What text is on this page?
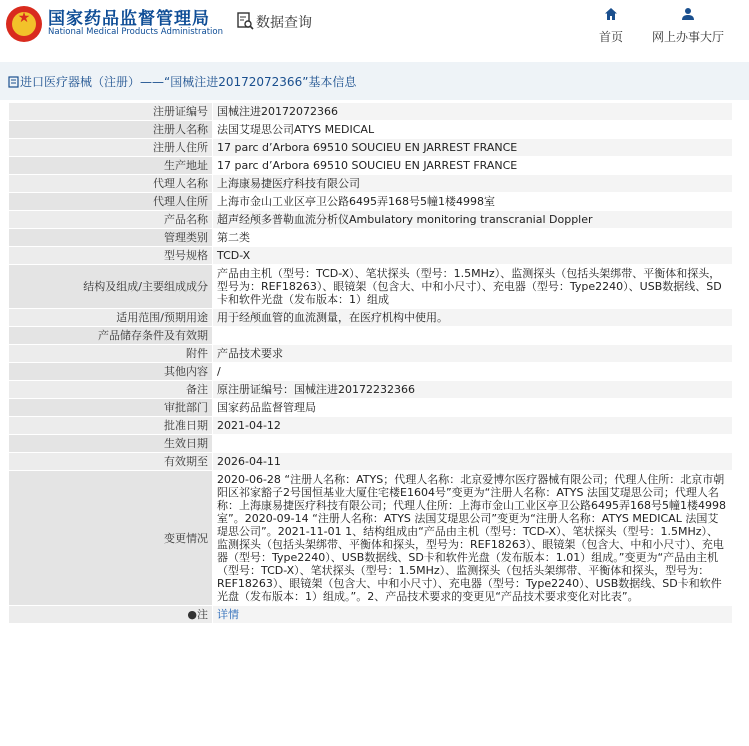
★	国家药品监督管理局
National Medical Products Administration
数据查询
首页	网上办事大厅
进口医疗器械（注册）——“国械注进20172072366”基本信息
注册证编号	国械注进20172072366
注册人名称	法国艾瑅思公司ATYS MEDICAL
注册人住所	17 parc d’Arbora 69510 SOUCIEU EN JARREST FRANCE
生产地址	17 parc d’Arbora 69510 SOUCIEU EN JARREST FRANCE
代理人名称	上海康易捷医疗科技有限公司
代理人住所	上海市金山工业区亭卫公路6495弄168号5幢1楼4998室
产品名称	超声经颅多普勒血流分析仪Ambulatory monitoring transcranial Doppler
管理类别	第二类
型号规格	TCD-X
结构及组成/主要组成成分	产品由主机（型号：TCD-X）、笔状探头（型号：1.5MHz）、监测探头（包括头架绑带、平衡体和探头，型号为：REF18263）、眼镜架（包含大、中和小尺寸）、充电器（型号：Type2240）、USB数据线、SD卡和软件光盘（发布版本：1）组成
适用范围/预期用途	用于经颅血管的血流测量，在医疗机构中使用。
产品储存条件及有效期	
附件	产品技术要求
其他内容	/
备注	原注册证编号：国械注进20172232366
审批部门	国家药品监督管理局
批准日期	2021-04-12
生效日期	
有效期至	2026-04-11
变更情况	2020-06-28 “注册人名称：ATYS；代理人名称：北京爱博尔医疗器械有限公司；代理人住所：北京市朝阳区祁家豁子2号国恒基业大厦住宅楼E1604号”变更为“注册人名称：ATYS 法国艾瑅思公司；代理人名称：上海康易捷医疗科技有限公司；代理人住所：上海市金山工业区亭卫公路6495弄168号5幢1楼4998室”。2020-09-14 “注册人名称：ATYS 法国艾瑅思公司”变更为“注册人名称：ATYS MEDICAL 法国艾瑅思公司”。2021-11-01 1、结构组成由“产品由主机（型号：TCD-X）、笔状探头（型号：1.5MHz）、监测探头（包括头架绑带、平衡体和探头，型号为：REF18263）、眼镜架（包含大、中和小尺寸）、充电器（型号：Type2240）、USB数据线、SD卡和软件光盘（发布版本：1.01）组成。”变更为“产品由主机（型号：TCD-X）、笔状探头（型号：1.5MHz）、监测探头（包括头架绑带、平衡体和探头，型号为：REF18263）、眼镜架（包含大、中和小尺寸）、充电器（型号：Type2240）、USB数据线、SD卡和软件光盘（发布版本：1）组成。”。2、产品技术要求的变更见“产品技术要求变化对比表”。
●注	详情
